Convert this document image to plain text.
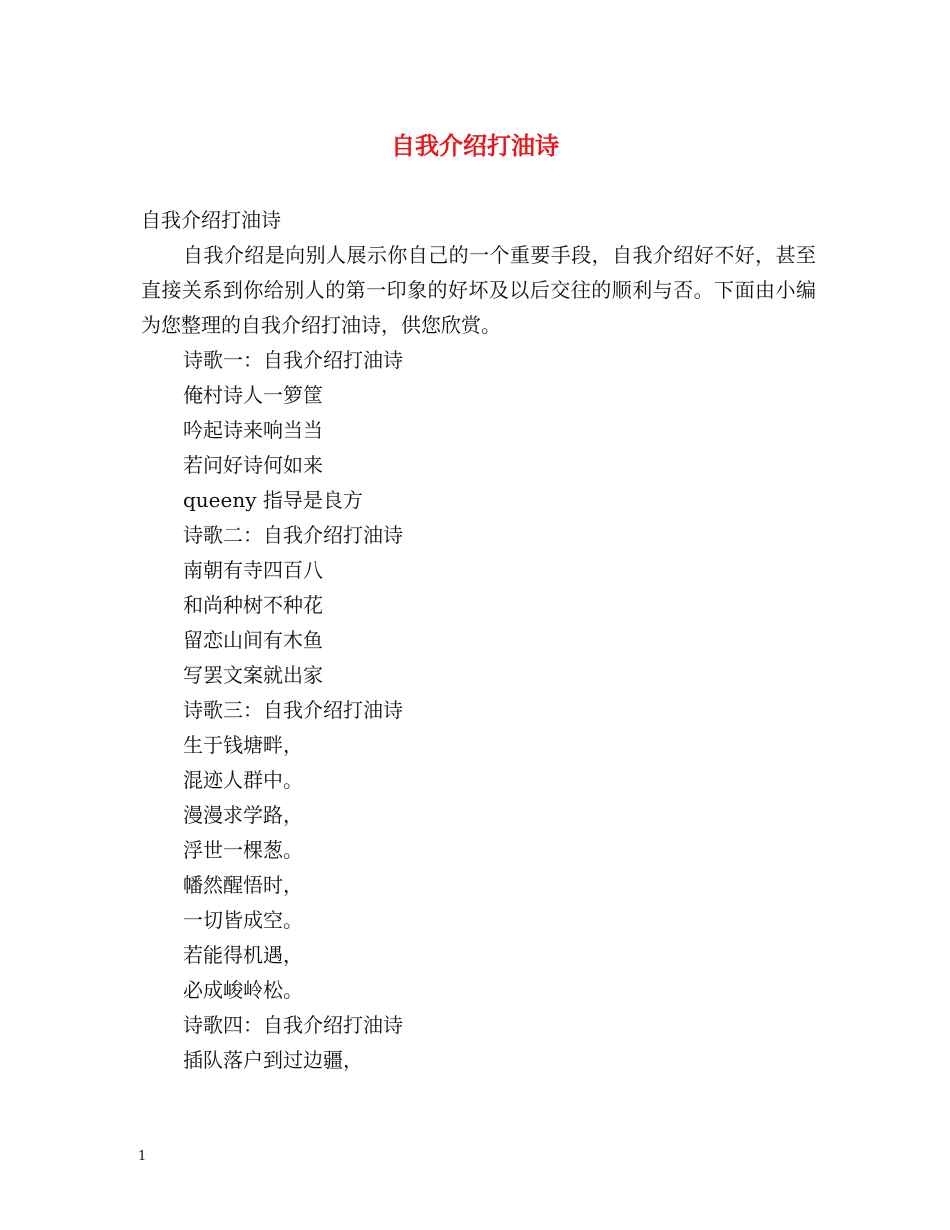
自我介绍打油诗

自我介绍打油诗

自我介绍是向别人展示你自己的一个重要手段，自我介绍好不好，甚至直接关系到你给别人的第一印象的好坏及以后交往的顺利与否。下面由小编为您整理的自我介绍打油诗，供您欣赏。

诗歌一：自我介绍打油诗

俺村诗人一箩筐

吟起诗来响当当

若问好诗何如来

queeny 指导是良方

诗歌二：自我介绍打油诗

南朝有寺四百八

和尚种树不种花

留恋山间有木鱼

写罢文案就出家

诗歌三：自我介绍打油诗

生于钱塘畔，

混迹人群中。

漫漫求学路，

浮世一棵葱。

幡然醒悟时，

一切皆成空。

若能得机遇，

必成峻岭松。

诗歌四：自我介绍打油诗

插队落户到过边疆，

1
